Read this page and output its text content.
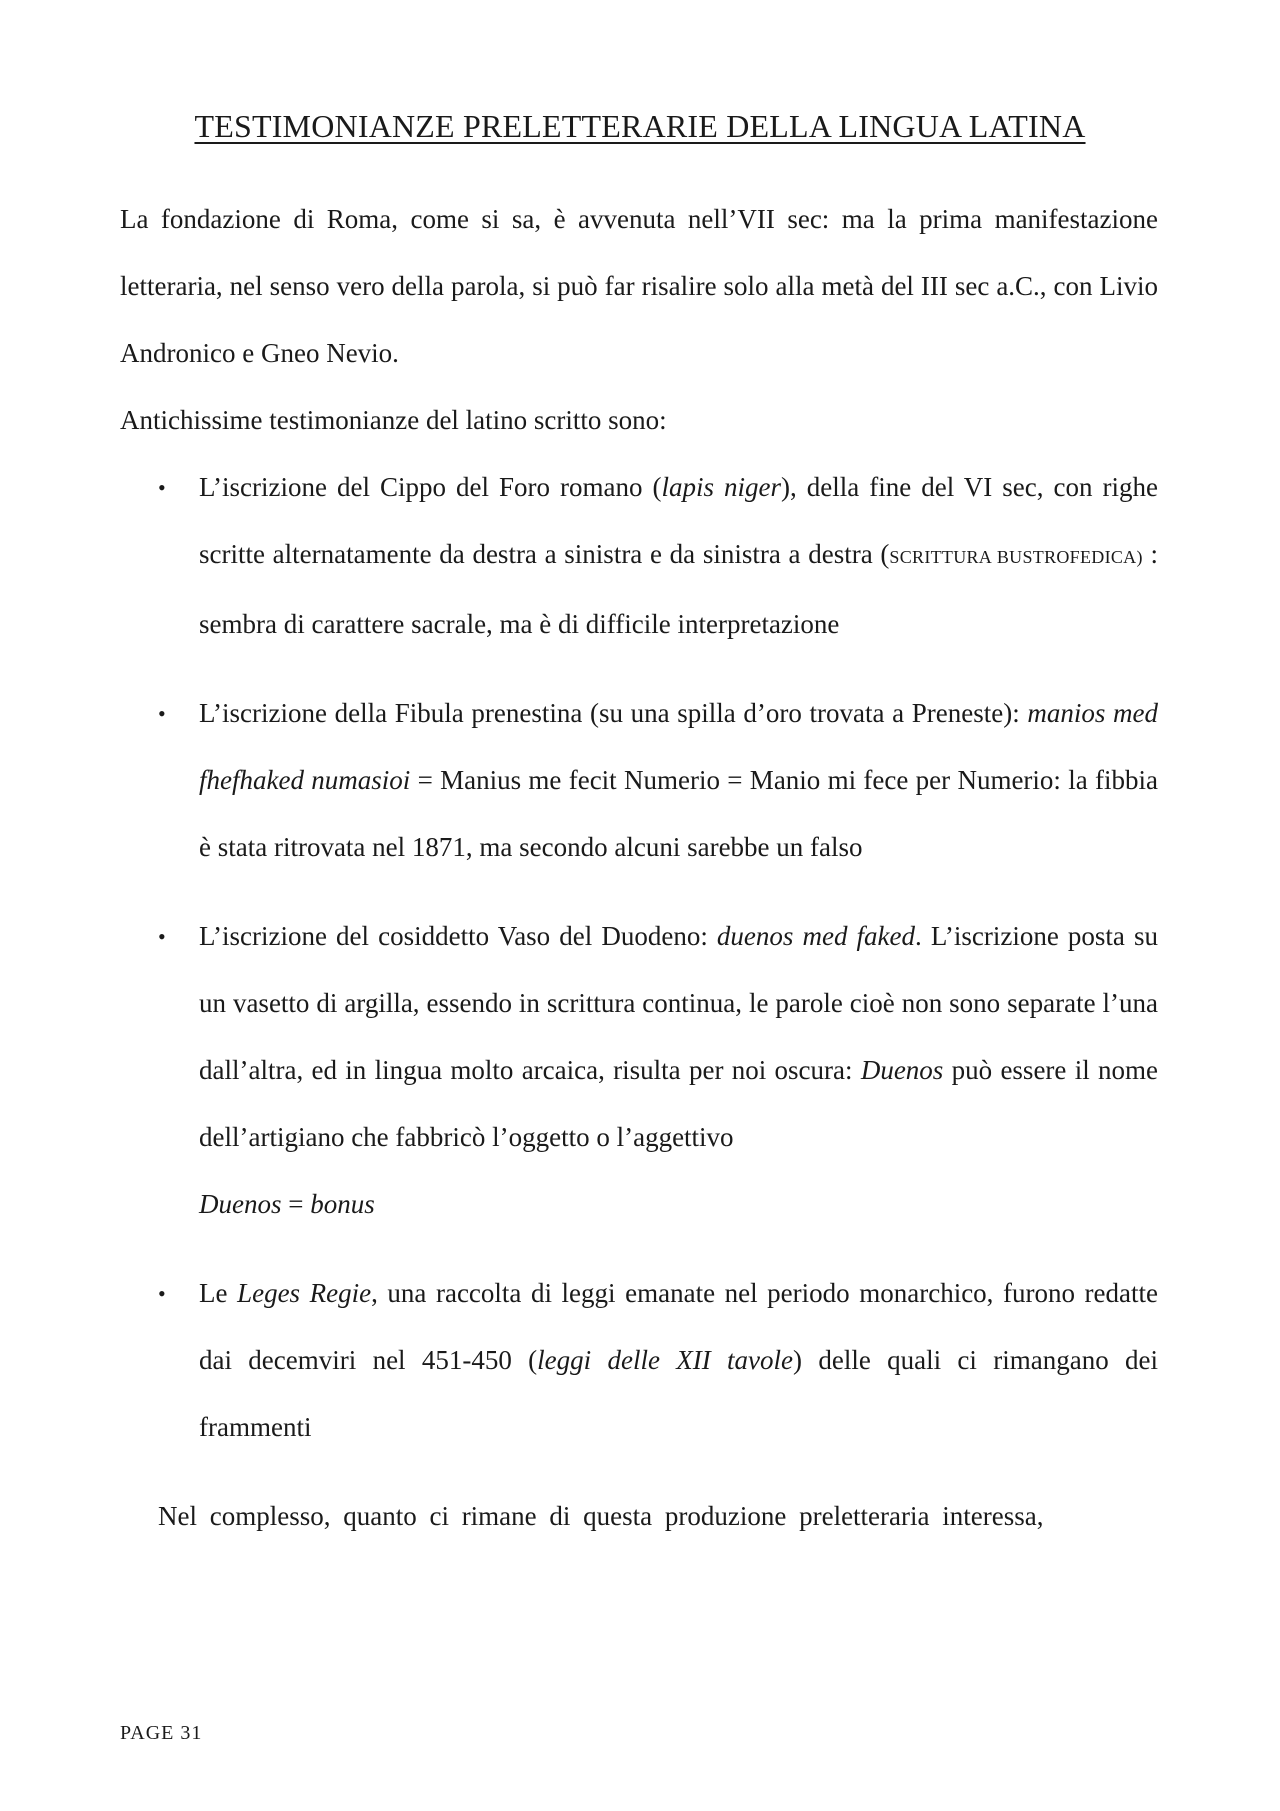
TESTIMONIANZE PRELETTERARIE DELLA LINGUA LATINA

La fondazione di Roma, come si sa, è avvenuta nell’VII sec: ma la prima manifestazione letteraria, nel senso vero della parola, si può far risalire solo alla metà del III sec a.C., con Livio Andronico e Gneo Nevio.

Antichissime testimonianze del latino scritto sono:

• L’iscrizione del Cippo del Foro romano (lapis niger), della fine del VI sec, con righe scritte alternatamente da destra a sinistra e da sinistra a destra (SCRITTURA BUSTROFEDICA) : sembra di carattere sacrale, ma è di difficile interpretazione
• L’iscrizione della Fibula prenestina (su una spilla d’oro trovata a Preneste): manios med fhefhaked numasioi = Manius me fecit Numerio = Manio mi fece per Numerio: la fibbia è stata ritrovata nel 1871, ma secondo alcuni sarebbe un falso
• L’iscrizione del cosiddetto Vaso del Duodeno: duenos med faked. L’iscrizione posta su un vasetto di argilla, essendo in scrittura continua, le parole cioè non sono separate l’una dall’altra, ed in lingua molto arcaica, risulta per noi oscura: Duenos può essere il nome dell’artigiano che fabbricò l’oggetto o l’aggettivo
Duenos = bonus
• Le Leges Regie, una raccolta di leggi emanate nel periodo monarchico, furono redatte dai decemviri nel 451-450 (leggi delle XII tavole) delle quali ci rimangano dei frammenti

Nel complesso, quanto ci rimane di questa produzione preletteraria interessa,

PAGE 31
